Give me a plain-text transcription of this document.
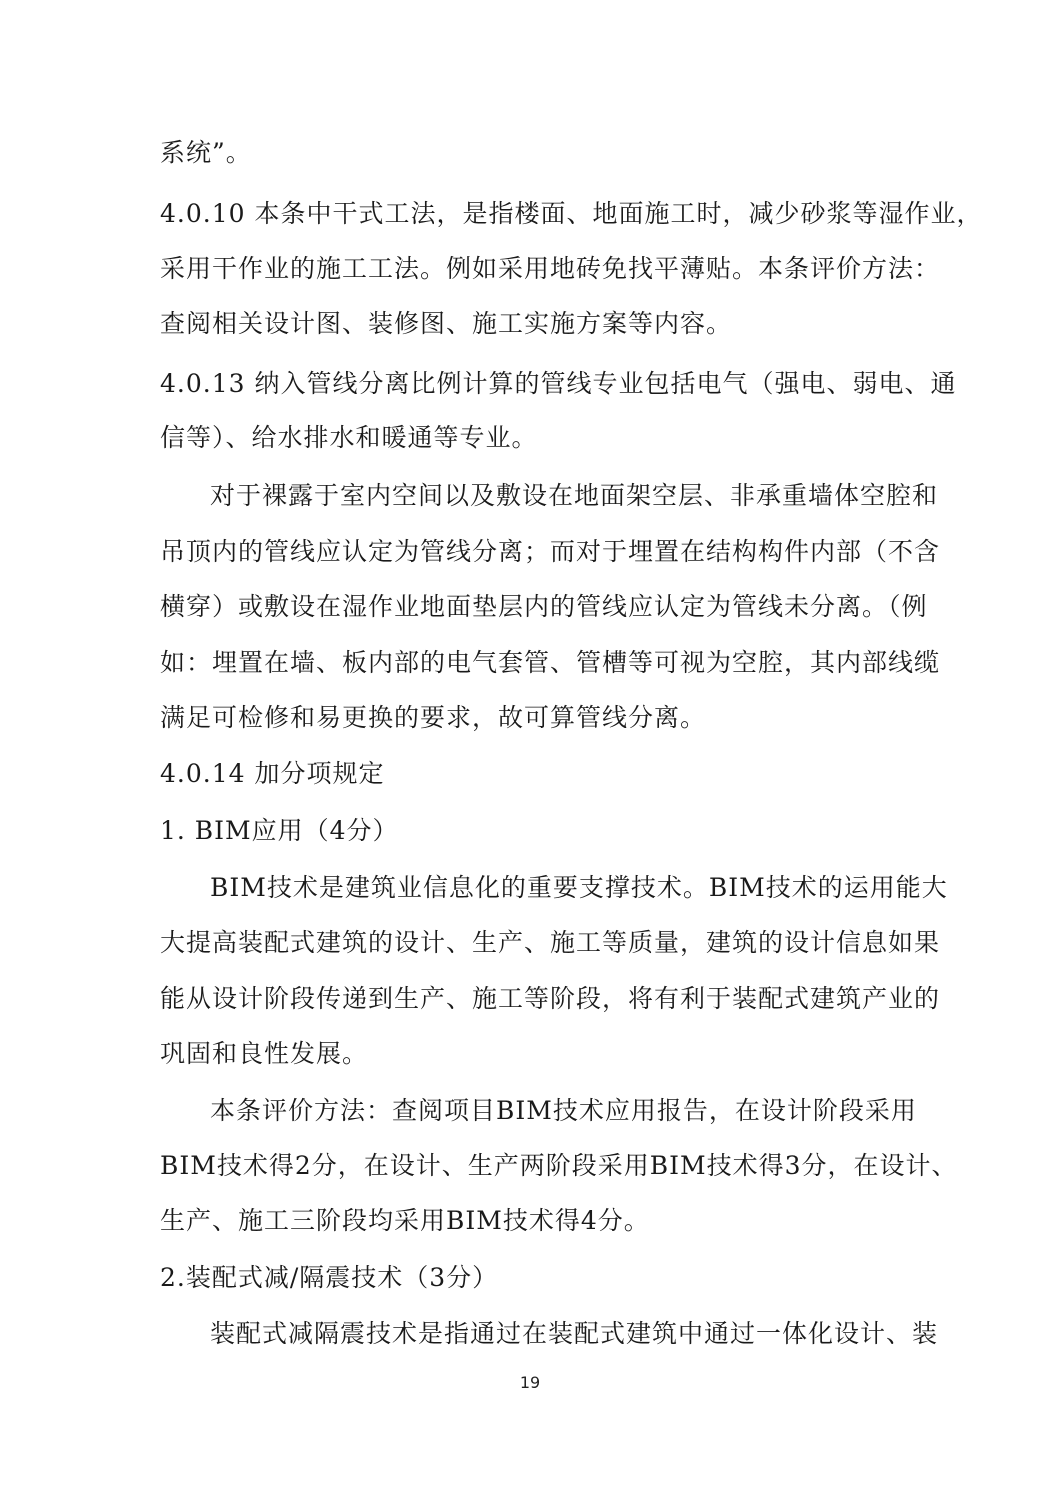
系统”。
4.0.10 本条中干式工法，是指楼面、地面施工时，减少砂浆等湿作业，
采用干作业的施工工法。例如采用地砖免找平薄贴。本条评价方法：
查阅相关设计图、装修图、施工实施方案等内容。
4.0.13 纳入管线分离比例计算的管线专业包括电气（强电、弱电、通
信等）、给水排水和暖通等专业。
对于裸露于室内空间以及敷设在地面架空层、非承重墙体空腔和
吊顶内的管线应认定为管线分离；而对于埋置在结构构件内部（不含
横穿）或敷设在湿作业地面垫层内的管线应认定为管线未分离。（例
如：埋置在墙、板内部的电气套管、管槽等可视为空腔，其内部线缆
满足可检修和易更换的要求，故可算管线分离。
4.0.14 加分项规定
1. BIM应用（4分）
BIM技术是建筑业信息化的重要支撑技术。BIM技术的运用能大
大提高装配式建筑的设计、生产、施工等质量，建筑的设计信息如果
能从设计阶段传递到生产、施工等阶段，将有利于装配式建筑产业的
巩固和良性发展。
本条评价方法：查阅项目BIM技术应用报告，在设计阶段采用
BIM技术得2分，在设计、生产两阶段采用BIM技术得3分，在设计、
生产、施工三阶段均采用BIM技术得4分。
2.装配式减/隔震技术（3分）
装配式减隔震技术是指通过在装配式建筑中通过一体化设计、装
19
